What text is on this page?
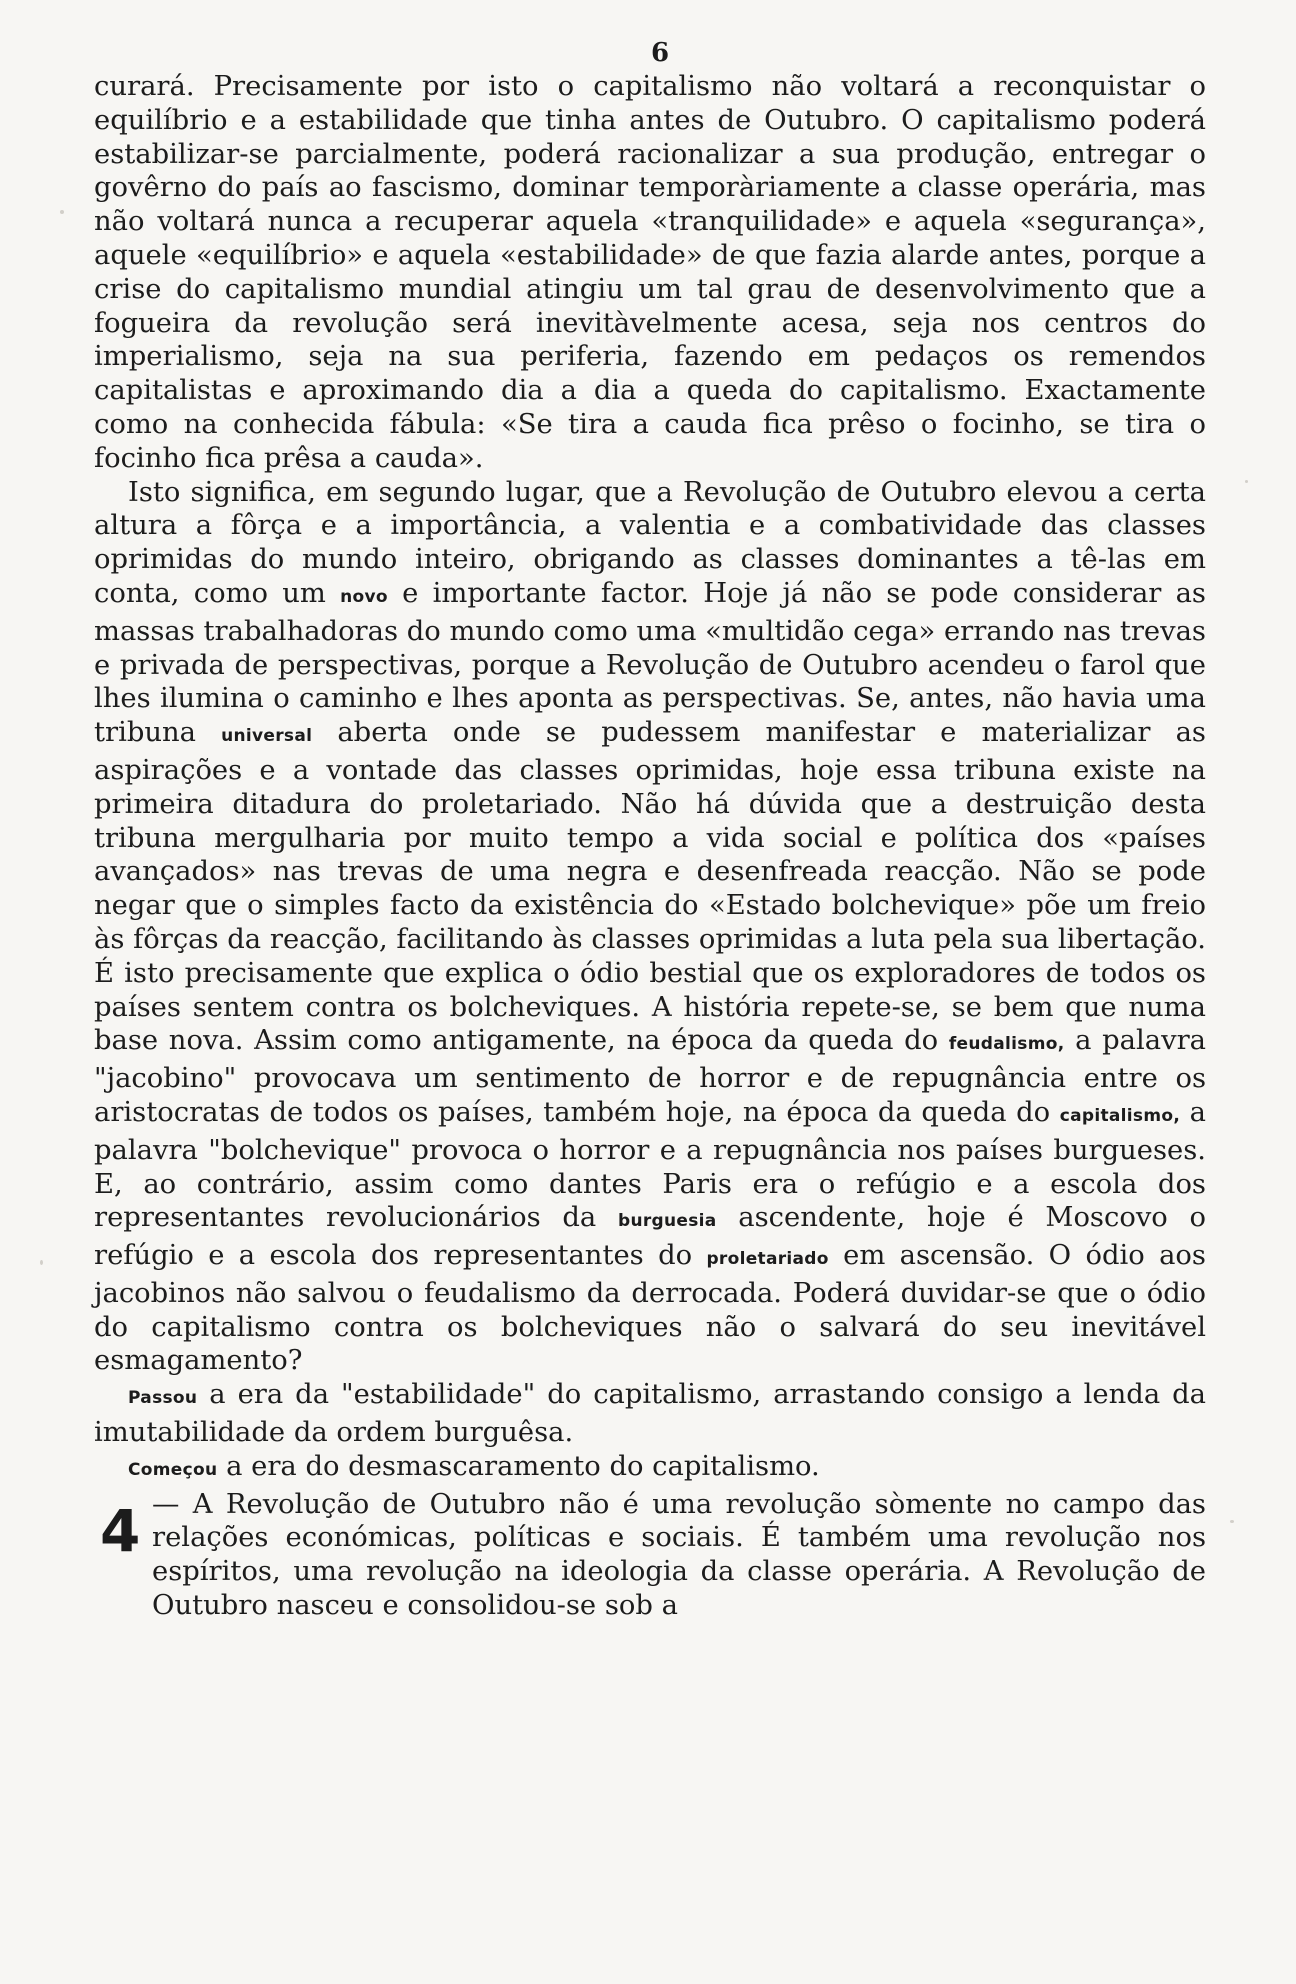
6

curará. Precisamente por isto o capitalismo não voltará a reconquistar o equilíbrio e a estabilidade que tinha antes de Outubro. O capitalismo poderá estabilizar-se parcialmente, poderá racionalizar a sua produção, entregar o govêrno do país ao fascismo, dominar temporàriamente a classe operária, mas não voltará nunca a recuperar aquela «tranquilidade» e aquela «segurança», aquele «equilíbrio» e aquela «estabilidade» de que fazia alarde antes, porque a crise do capitalismo mundial atingiu um tal grau de desenvolvimento que a fogueira da revolução será inevitàvelmente acesa, seja nos centros do imperialismo, seja na sua periferia, fazendo em pedaços os remendos capitalistas e aproximando dia a dia a queda do capitalismo. Exactamente como na conhecida fábula: «Se tira a cauda fica prêso o focinho, se tira o focinho fica prêsa a cauda».

Isto significa, em segundo lugar, que a Revolução de Outubro elevou a certa altura a fôrça e a importância, a valentia e a combatividade das classes oprimidas do mundo inteiro, obrigando as classes dominantes a tê-las em conta, como um novo e importante factor. Hoje já não se pode considerar as massas trabalhadoras do mundo como uma «multidão cega» errando nas trevas e privada de perspectivas, porque a Revolução de Outubro acendeu o farol que lhes ilumina o caminho e lhes aponta as perspectivas. Se, antes, não havia uma tribuna universal aberta onde se pudessem manifestar e materializar as aspirações e a vontade das classes oprimidas, hoje essa tribuna existe na primeira ditadura do proletariado. Não há dúvida que a destruição desta tribuna mergulharia por muito tempo a vida social e política dos «países avançados» nas trevas de uma negra e desenfreada reacção. Não se pode negar que o simples facto da existência do «Estado bolchevique» põe um freio às fôrças da reacção, facilitando às classes oprimidas a luta pela sua libertação. É isto precisamente que explica o ódio bestial que os exploradores de todos os países sentem contra os bolcheviques. A história repete-se, se bem que numa base nova. Assim como antigamente, na época da queda do feudalismo, a palavra "jacobino" provocava um sentimento de horror e de repugnância entre os aristocratas de todos os países, também hoje, na época da queda do capitalismo, a palavra "bolchevique" provoca o horror e a repugnância nos países burgueses. E, ao contrário, assim como dantes Paris era o refúgio e a escola dos representantes revolucionários da burguesia ascendente, hoje é Moscovo o refúgio e a escola dos representantes do proletariado em ascensão. O ódio aos jacobinos não salvou o feudalismo da derrocada. Poderá duvidar-se que o ódio do capitalismo contra os bolcheviques não o salvará do seu inevitável esmagamento?

Passou a era da "estabilidade" do capitalismo, arrastando consigo a lenda da imutabilidade da ordem burguêsa.

Começou a era do desmascaramento do capitalismo.

4 — A Revolução de Outubro não é uma revolução sòmente no campo das relações económicas, políticas e sociais. É também uma revolução nos espíritos, uma revolução na ideologia da classe operária. A Revolução de Outubro nasceu e consolidou-se sob a
